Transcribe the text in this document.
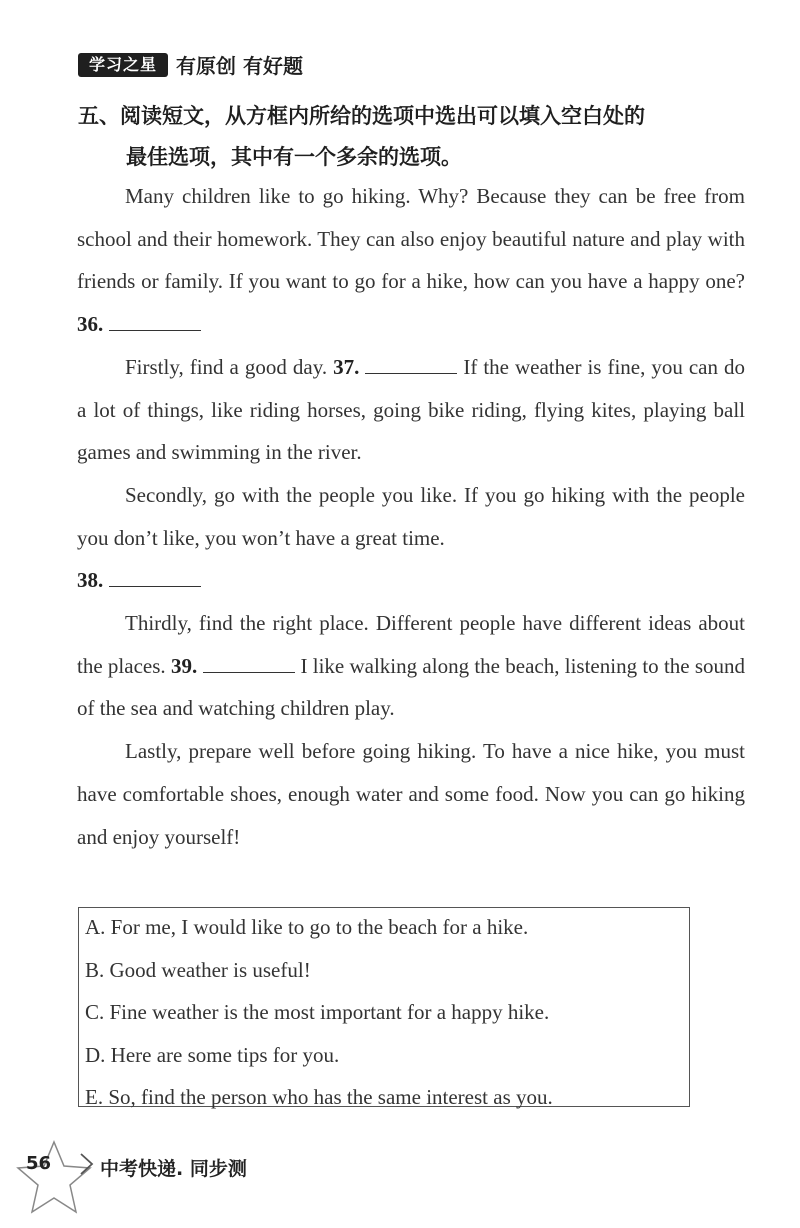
学习之星 有原创 有好题
五、阅读短文，从方框内所给的选项中选出可以填入空白处的
最佳选项，其中有一个多余的选项。

Many children like to go hiking. Why? Because they can be free from school and their homework. They can also enjoy beautiful nature and play with friends or family. If you want to go for a hike, how can you have a happy one? 36.

Firstly, find a good day. 37.	If the weather is fine, you can do a lot of things, like riding horses, going bike riding, flying kites, playing ball games and swimming in the river.

Secondly, go with the people you like. If you go hiking with the people you don’t like, you won’t have a great time.

38.

Thirdly, find the right place. Different people have different ideas about the places. 39.	I like walking along the beach, listening to the sound of the sea and watching children play.

Lastly, prepare well before going hiking. To have a nice hike, you must have comfortable shoes, enough water and some food. Now you can go hiking and enjoy yourself!

A. For me, I would like to go to the beach for a hike.
B. Good weather is useful!
C. Fine weather is the most important for a happy hike.
D. Here are some tips for you.
E. So, find the person who has the same interest as you.
56	中考快递. 同步测
